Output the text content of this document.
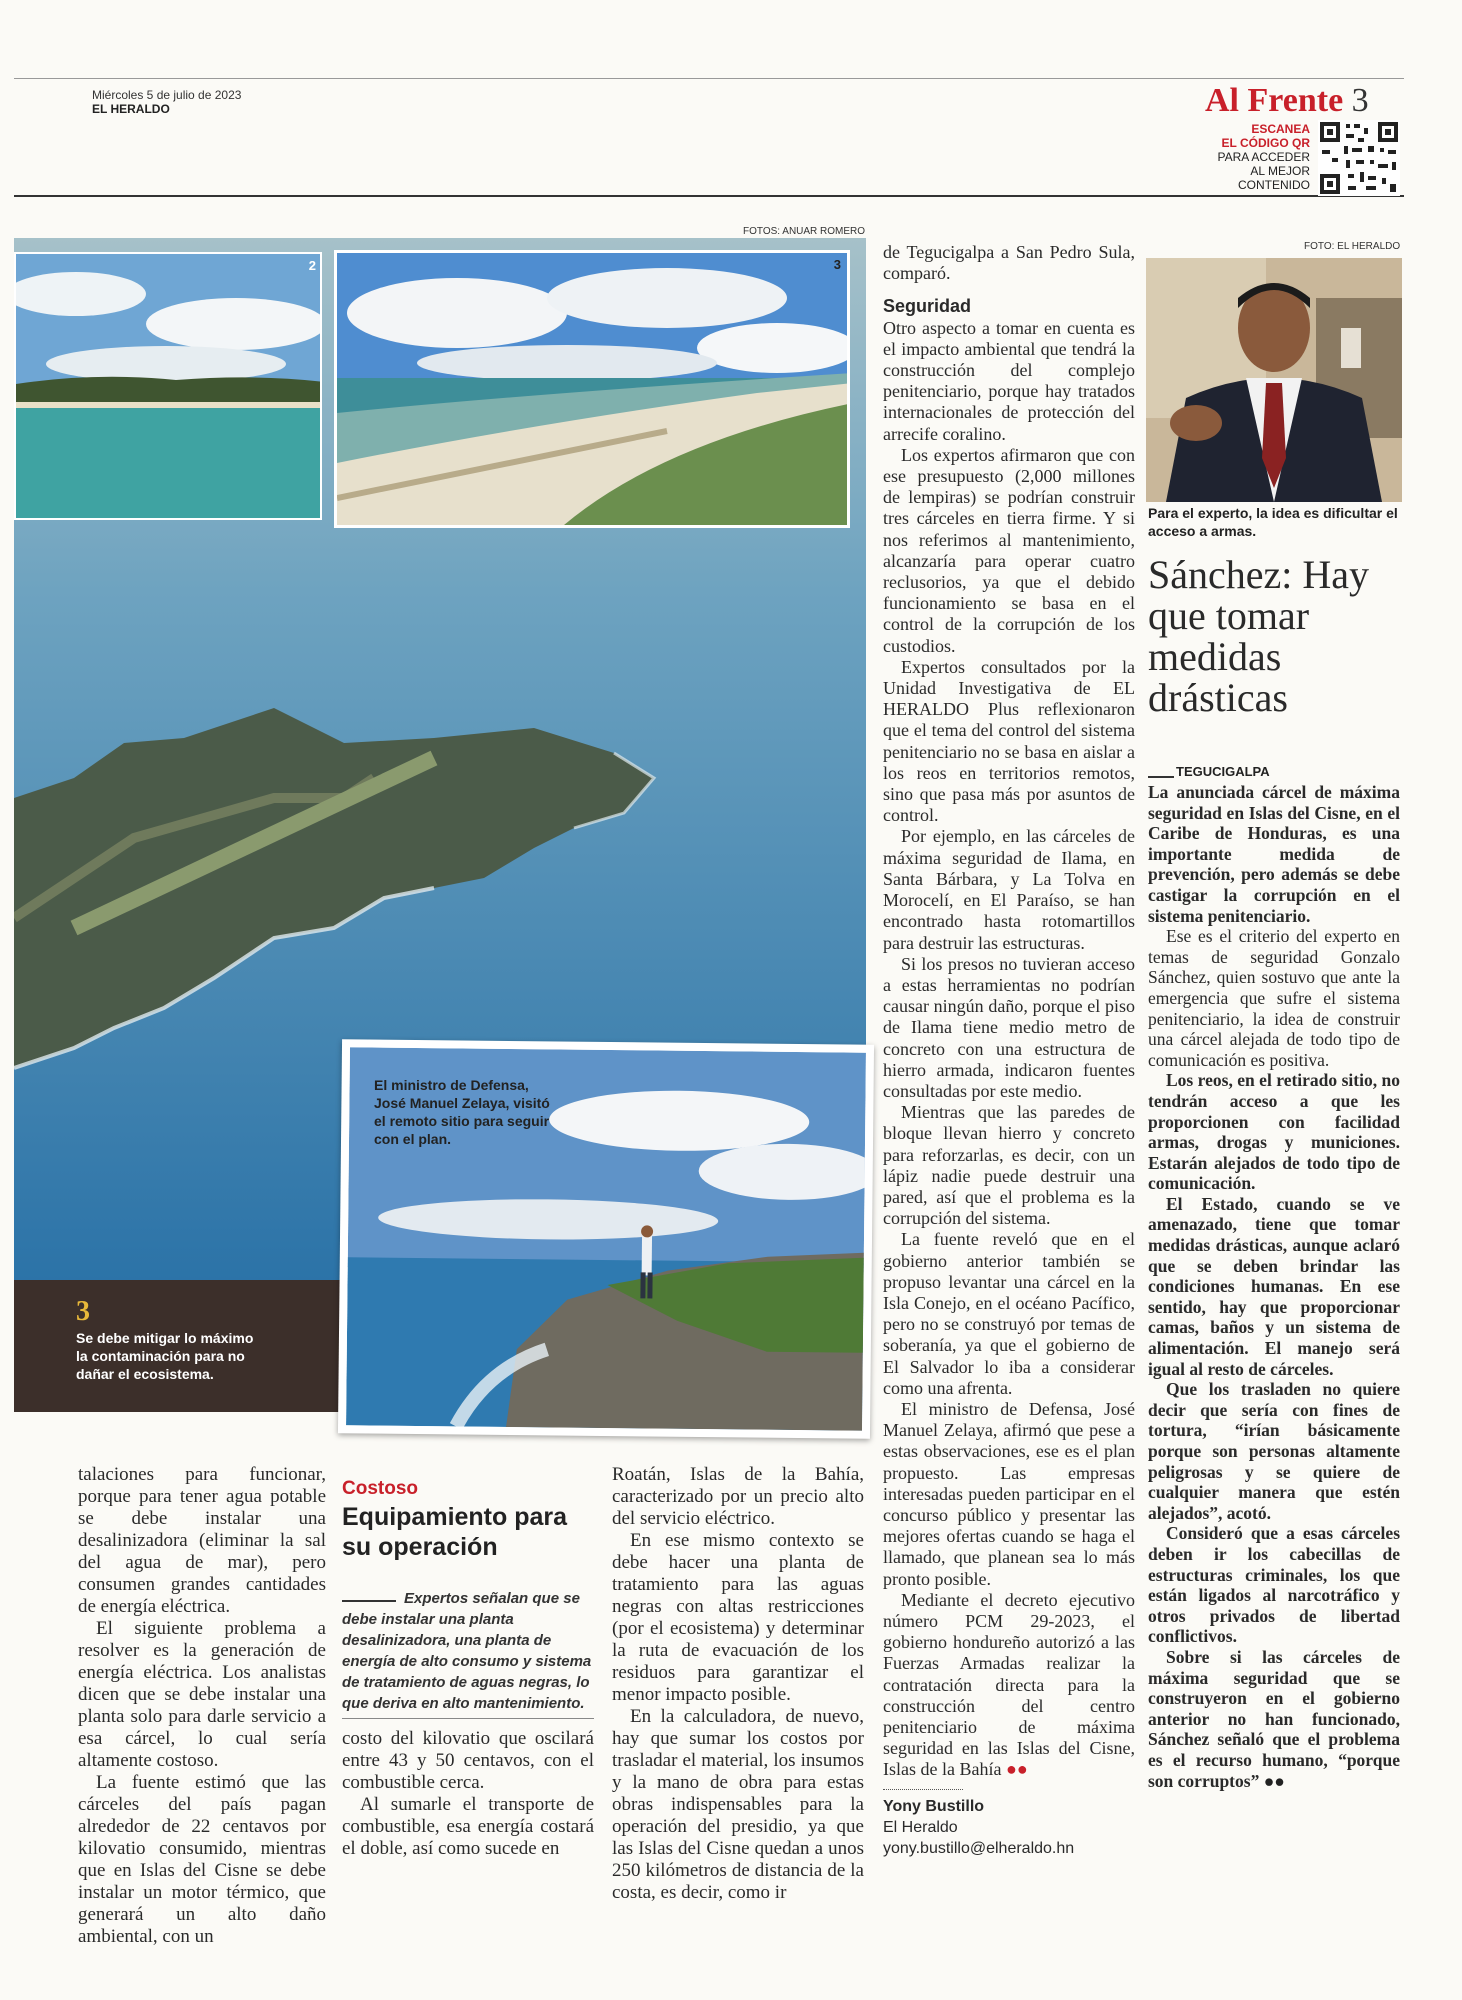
Miércoles 5 de julio de 2023
EL HERALDO	Al Frente 3
ESCANEA
EL CÓDIGO QR
PARA ACCEDER
AL MEJOR
CONTENIDO
FOTOS: ANUAR ROMERO
FOTO: EL HERALDO
2	3
3
Se debe mitigar lo máximo la contaminación para no dañar el ecosistema.
El ministro de Defensa, José Manuel Zelaya, visitó el remoto sitio para seguir con el plan.
Para el experto, la idea es dificultar el acceso a armas.

talaciones para funcionar, porque para tener agua potable se debe instalar una desalinizadora (eliminar la sal del agua de mar), pero consumen grandes cantidades de energía eléctrica.

El siguiente problema a resolver es la generación de energía eléctrica. Los analistas dicen que se debe instalar una planta solo para darle servicio a esa cárcel, lo cual sería altamente costoso.

La fuente estimó que las cárceles del país pagan alrededor de 22 centavos por kilovatio consumido, mientras que en Islas del Cisne se debe instalar un motor térmico, que generará un alto daño ambiental, con un

Costoso
Equipamiento para su operación
Expertos señalan que se debe instalar una planta desalinizadora, una planta de energía de alto consumo y sistema de tratamiento de aguas negras, lo que deriva en alto mantenimiento.

costo del kilovatio que oscilará entre 43 y 50 centavos, con el combustible cerca.

Al sumarle el transporte de combustible, esa energía costará el doble, así como sucede en

Roatán, Islas de la Bahía, caracterizado por un precio alto del servicio eléctrico.

En ese mismo contexto se debe hacer una planta de tratamiento para las aguas negras con altas restricciones (por el ecosistema) y determinar la ruta de evacuación de los residuos para garantizar el menor impacto posible.

En la calculadora, de nuevo, hay que sumar los costos por trasladar el material, los insumos y la mano de obra para estas obras indispensables para la operación del presidio, ya que las Islas del Cisne quedan a unos 250 kilómetros de distancia de la costa, es decir, como ir

de Tegucigalpa a San Pedro Sula, comparó.

Seguridad

Otro aspecto a tomar en cuenta es el impacto ambiental que tendrá la construcción del complejo penitenciario, porque hay tratados internacionales de protección del arrecife coralino.

Los expertos afirmaron que con ese presupuesto (2,000 millones de lempiras) se podrían construir tres cárceles en tierra firme. Y si nos referimos al mantenimiento, alcanzaría para operar cuatro reclusorios, ya que el debido funcionamiento se basa en el control de la corrupción de los custodios.

Expertos consultados por la Unidad Investigativa de EL HERALDO Plus reflexionaron que el tema del control del sistema penitenciario no se basa en aislar a los reos en territorios remotos, sino que pasa más por asuntos de control.

Por ejemplo, en las cárceles de máxima seguridad de Ilama, en Santa Bárbara, y La Tolva en Morocelí, en El Paraíso, se han encontrado hasta rotomartillos para destruir las estructuras.

Si los presos no tuvieran acceso a estas herramientas no podrían causar ningún daño, porque el piso de Ilama tiene medio metro de concreto con una estructura de hierro armada, indicaron fuentes consultadas por este medio.

Mientras que las paredes de bloque llevan hierro y concreto para reforzarlas, es decir, con un lápiz nadie puede destruir una pared, así que el problema es la corrupción del sistema.

La fuente reveló que en el gobierno anterior también se propuso levantar una cárcel en la Isla Conejo, en el océano Pacífico, pero no se construyó por temas de soberanía, ya que el gobierno de El Salvador lo iba a considerar como una afrenta.

El ministro de Defensa, José Manuel Zelaya, afirmó que pese a estas observaciones, ese es el plan propuesto. Las empresas interesadas pueden participar en el concurso público y presentar las mejores ofertas cuando se haga el llamado, que planean sea lo más pronto posible.

Mediante el decreto ejecutivo número PCM 29-2023, el gobierno hondureño autorizó a las Fuerzas Armadas realizar la contratación directa para la construcción del centro penitenciario de máxima seguridad en las Islas del Cisne, Islas de la Bahía ●●

Yony Bustillo
El Heraldo
yony.bustillo@elheraldo.hn
Sánchez: Hay que tomar medidas drásticas
TEGUCIGALPA

La anunciada cárcel de máxima seguridad en Islas del Cisne, en el Caribe de Honduras, es una importante medida de prevención, pero además se debe castigar la corrupción en el sistema penitenciario.

Ese es el criterio del experto en temas de seguridad Gonzalo Sánchez, quien sostuvo que ante la emergencia que sufre el sistema penitenciario, la idea de construir una cárcel alejada de todo tipo de comunicación es positiva.

Los reos, en el retirado sitio, no tendrán acceso a que les proporcionen con facilidad armas, drogas y municiones. Estarán alejados de todo tipo de comunicación.

El Estado, cuando se ve amenazado, tiene que tomar medidas drásticas, aunque aclaró que se deben brindar las condiciones humanas. En ese sentido, hay que proporcionar camas, baños y un sistema de alimentación. El manejo será igual al resto de cárceles.

Que los trasladen no quiere decir que sería con fines de tortura, “irían básicamente porque son personas altamente peligrosas y se quiere de cualquier manera que estén alejados”, acotó.

Consideró que a esas cárceles deben ir los cabecillas de estructuras criminales, los que están ligados al narcotráfico y otros privados de libertad conflictivos.

Sobre si las cárceles de máxima seguridad que se construyeron en el gobierno anterior no han funcionado, Sánchez señaló que el problema es el recurso humano, “porque son corruptos” ●●
